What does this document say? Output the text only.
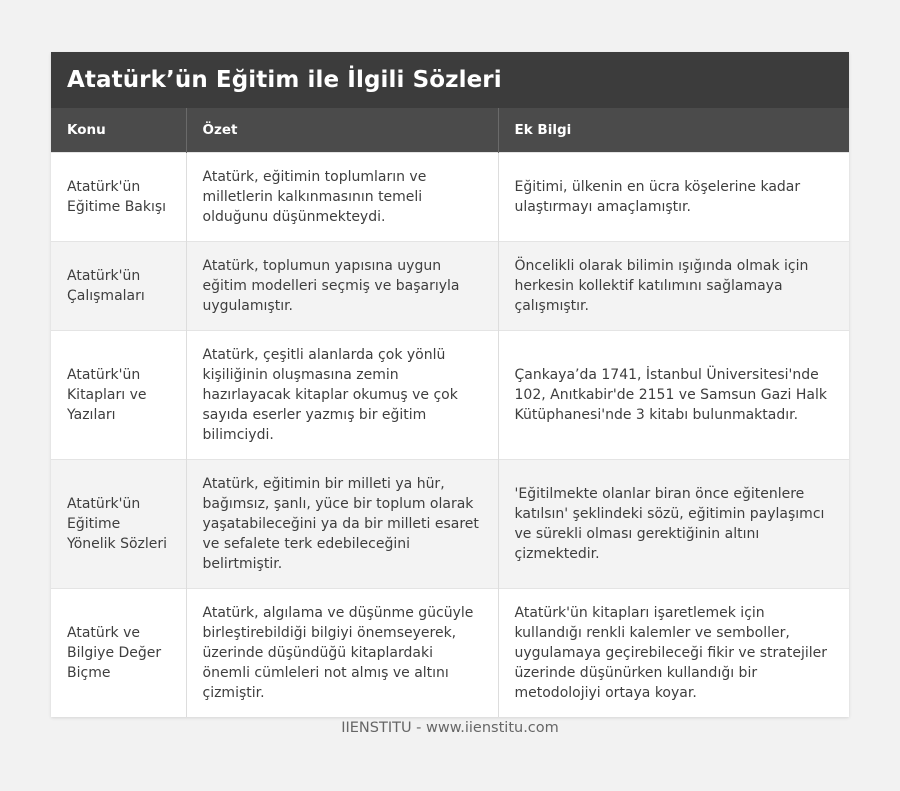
Atatürk’ün Eğitim ile İlgili Sözleri
Konu	Özet	Ek Bilgi
Atatürk'ün Eğitime Bakışı	Atatürk, eğitimin toplumların ve milletlerin kalkınmasının temeli olduğunu düşünmekteydi.	Eğitimi, ülkenin en ücra köşelerine kadar ulaştırmayı amaçlamıştır.
Atatürk'ün Çalışmaları	Atatürk, toplumun yapısına uygun eğitim modelleri seçmiş ve başarıyla uygulamıştır.	Öncelikli olarak bilimin ışığında olmak için herkesin kollektif katılımını sağlamaya çalışmıştır.
Atatürk'ün Kitapları ve Yazıları	Atatürk, çeşitli alanlarda çok yönlü kişiliğinin oluşmasına zemin hazırlayacak kitaplar okumuş ve çok sayıda eserler yazmış bir eğitim bilimciydi.	Çankaya’da 1741, İstanbul Üniversitesi'nde 102, Anıtkabir'de 2151 ve Samsun Gazi Halk Kütüphanesi'nde 3 kitabı bulunmaktadır.
Atatürk'ün Eğitime Yönelik Sözleri	Atatürk, eğitimin bir milleti ya hür, bağımsız, şanlı, yüce bir toplum olarak yaşatabileceğini ya da bir milleti esaret ve sefalete terk edebileceğini belirtmiştir.	'Eğitilmekte olanlar biran önce eğitenlere katılsın' şeklindeki sözü, eğitimin paylaşımcı ve sürekli olması gerektiğinin altını çizmektedir.
Atatürk ve Bilgiye Değer Biçme	Atatürk, algılama ve düşünme gücüyle birleştirebildiği bilgiyi önemseyerek, üzerinde düşündüğü kitaplardaki önemli cümleleri not almış ve altını çizmiştir.	Atatürk'ün kitapları işaretlemek için kullandığı renkli kalemler ve semboller, uygulamaya geçirebileceği fikir ve stratejiler üzerinde düşünürken kullandığı bir metodolojiyi ortaya koyar.
IIENSTITU - www.iienstitu.com
